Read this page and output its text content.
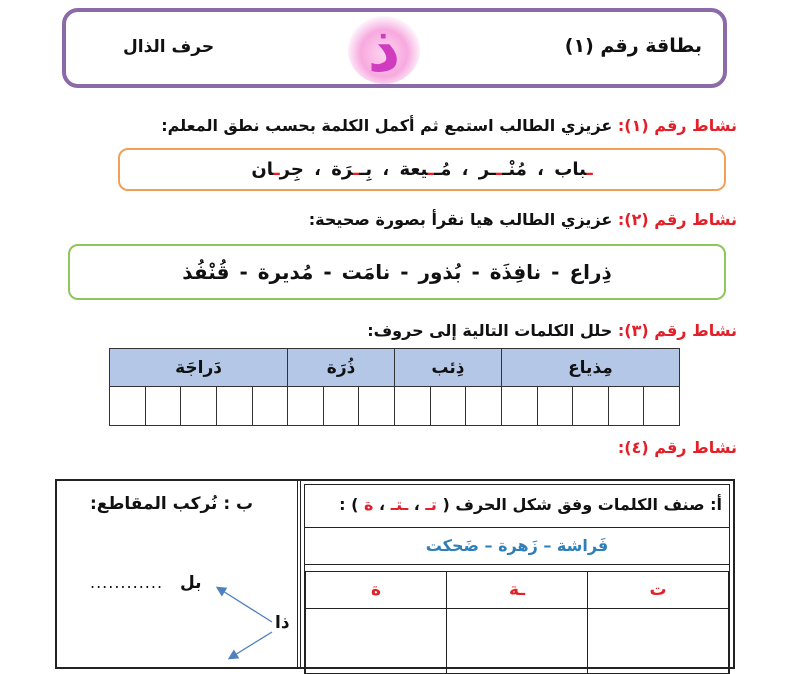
بطاقة رقم (١)
حرف الذال	ذ
نشاط رقم (١): عزيزي الطالب استمع ثم أكمل الكلمة بحسب نطق المعلم:
ـباب ، مُنْـــر ، مُــيعة ، بِــرَة ، جِرـان
نشاط رقم (٢): عزيزي الطالب هيا نقرأ بصورة صحيحة:
ذِراع - نافِذَة - بُذور - نامَت - مُديرة - قُنْفُذ
نشاط رقم (٣): حلل الكلمات التالية إلى حروف:
مِذياع					ذِئب			ذُرَة			دَراجَة				

نشاط رقم (٤):
أ: صنف الكلمات وفق شكل الحرف ( تـ ، ـتـ ، ة ) :
فَراشة – زَهرة – ضَحكت
ت	ـة	ة

ب : نُركب المقاطع:
............ بل
ذا
